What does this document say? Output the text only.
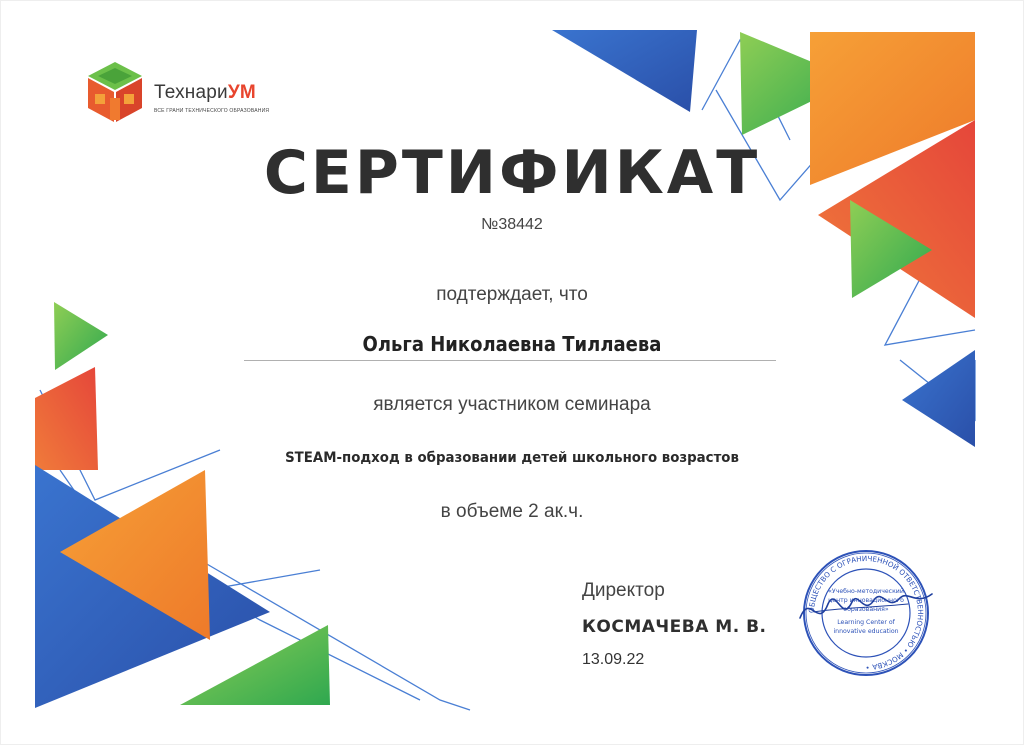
ТехнариУМ
ВСЕ ГРАНИ ТЕХНИЧЕСКОГО ОБРАЗОВАНИЯ
СЕРТИФИКАТ
№38442
подтерждает, что
Ольга Николаевна Тиллаева
является участником семинара
STEAM-подход в образовании детей школьного возрастов
в объеме 2 ак.ч.
Директор
КОСМАЧЕВА М. В.
13.09.22
ОБЩЕСТВО С ОГРАНИЧЕННОЙ ОТВЕТСТВЕННОСТЬЮ • МОСКВА •
«Учебно-методический
центр инновационного
образования»
Learning Center of
innovative education
